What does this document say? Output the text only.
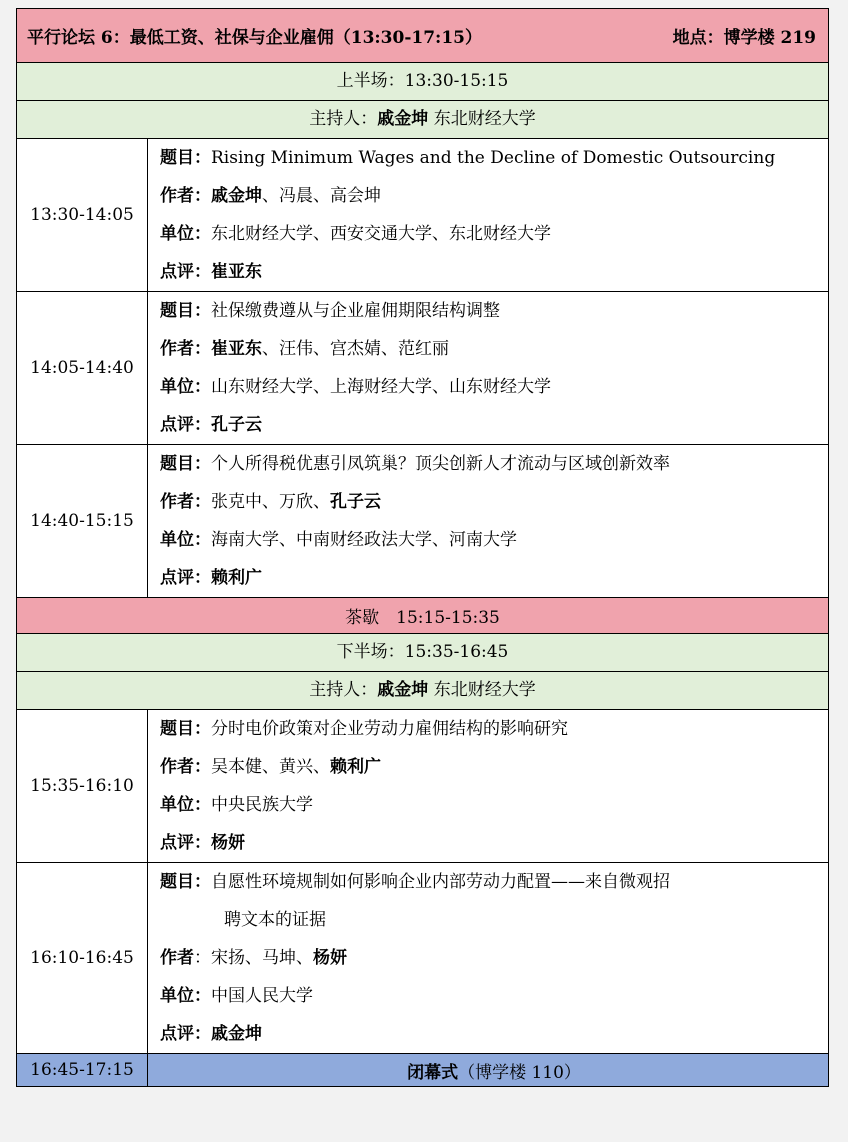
平行论坛 6：最低工资、社保与企业雇佣（13:30-17:15） 地点：博学楼 219	

上半场：13:30-15:15	

主持人：戚金坤 东北财经大学	

13:30-14:05	题目：Rising Minimum Wages and the Decline of Domestic Outsourcing
作者：戚金坤、冯晨、高会坤
单位：东北财经大学、西安交通大学、东北财经大学
点评：崔亚东

14:05-14:40	题目：社保缴费遵从与企业雇佣期限结构调整
作者：崔亚东、汪伟、宫杰婧、范红丽
单位：山东财经大学、上海财经大学、山东财经大学
点评：孔子云

14:40-15:15	题目：个人所得税优惠引凤筑巢？顶尖创新人才流动与区域创新效率
作者：张克中、万欣、孔子云
单位：海南大学、中南财经政法大学、河南大学
点评：赖利广

茶歇　15:15-15:35	

下半场：15:35-16:45	

主持人：戚金坤 东北财经大学	

15:35-16:10	题目：分时电价政策对企业劳动力雇佣结构的影响研究
作者：吴本健、黄兴、赖利广
单位：中央民族大学
点评：杨妍

16:10-16:45	题目：自愿性环境规制如何影响企业内部劳动力配置——来自微观招
聘文本的证据
作者：宋扬、马坤、杨妍
单位：中国人民大学
点评：戚金坤

16:45-17:15	闭幕式（博学楼 110）
